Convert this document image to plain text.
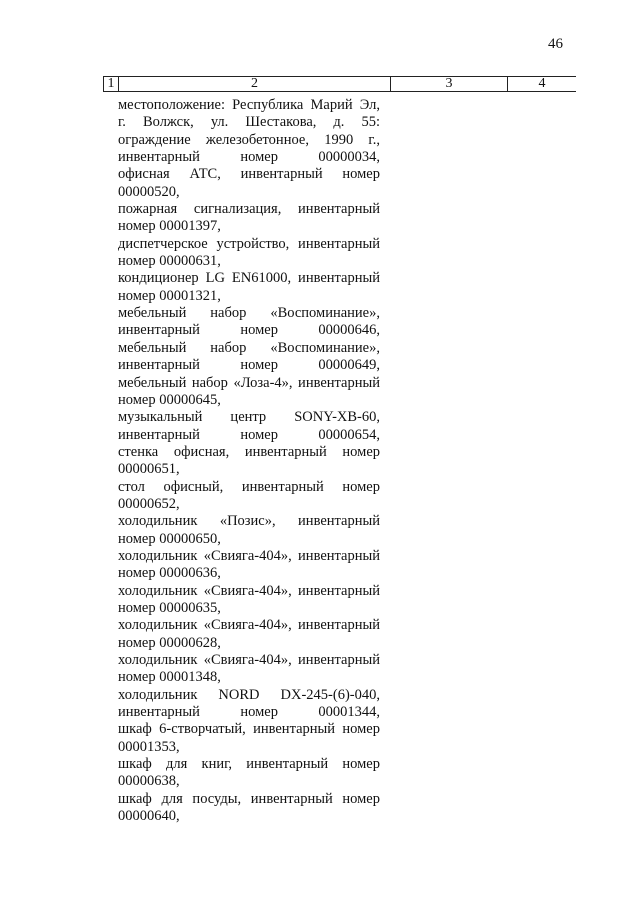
46
1	2	3	4
местоположение: Республика Марий Эл,
г. Волжск, ул. Шестакова, д. 55:
ограждение железобетонное, 1990 г.,
инвентарный номер 00000034,
офисная АТС, инвентарный номер
00000520,
пожарная сигнализация, инвентарный
номер 00001397,
диспетчерское устройство, инвентарный
номер 00000631,
кондиционер LG EN61000, инвентарный
номер 00001321,
мебельный набор «Воспоминание»,
инвентарный номер 00000646,
мебельный набор «Воспоминание»,
инвентарный номер 00000649,
мебельный набор «Лоза-4», инвентарный
номер 00000645,
музыкальный центр SONY-XB-60,
инвентарный номер 00000654,
стенка офисная, инвентарный номер
00000651,
стол офисный, инвентарный номер
00000652,
холодильник «Позис», инвентарный
номер 00000650,
холодильник «Свияга-404», инвентарный
номер 00000636,
холодильник «Свияга-404», инвентарный
номер 00000635,
холодильник «Свияга-404», инвентарный
номер 00000628,
холодильник «Свияга-404», инвентарный
номер 00001348,
холодильник NORD DX-245-(6)-040,
инвентарный номер 00001344,
шкаф 6-створчатый, инвентарный номер
00001353,
шкаф для книг, инвентарный номер
00000638,
шкаф для посуды, инвентарный номер
00000640,
